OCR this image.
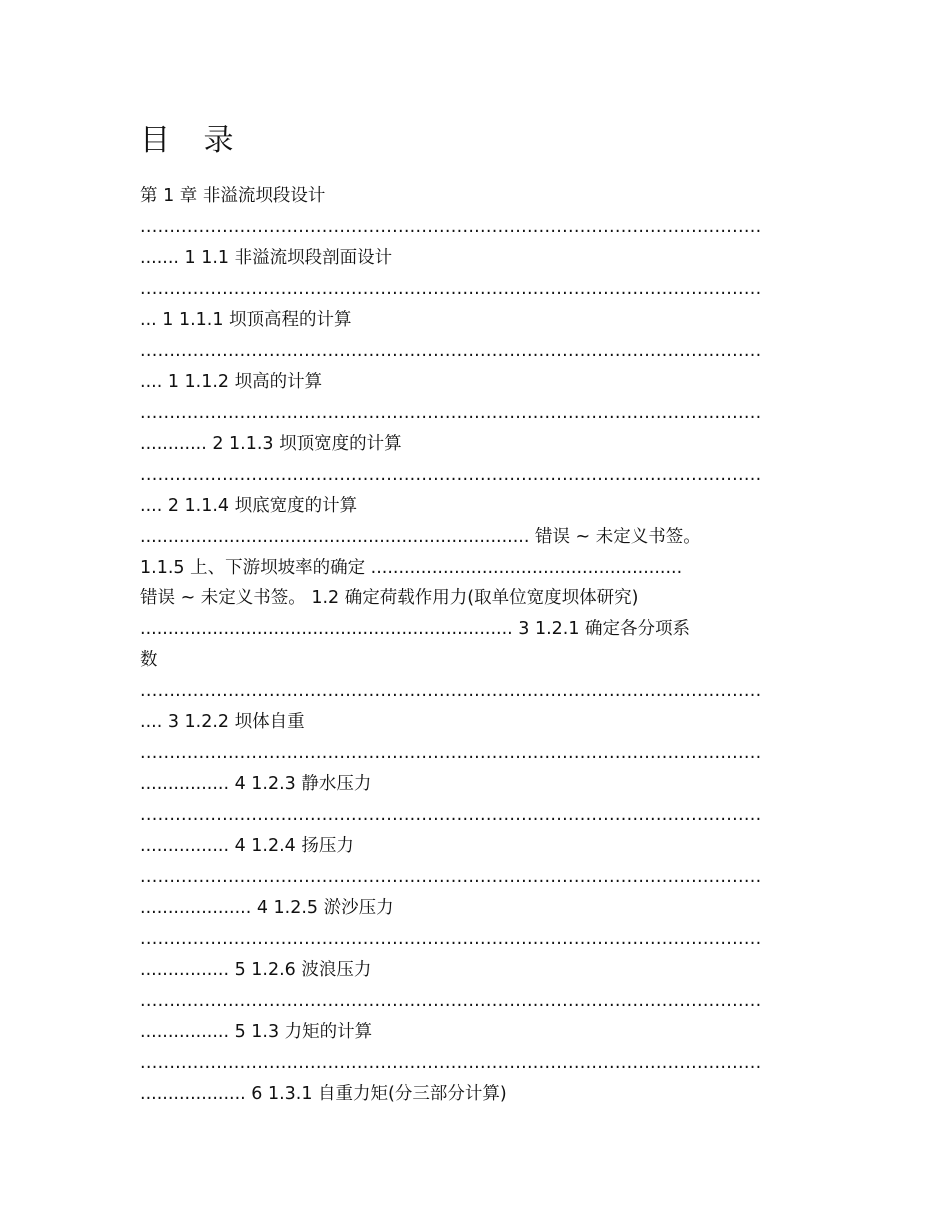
目 录
第 1 章 非溢流坝段设计
..........................................................................................................
....... 1 1.1 非溢流坝段剖面设计
..........................................................................................................
... 1 1.1.1 坝顶高程的计算
..........................................................................................................
.... 1 1.1.2 坝高的计算
..........................................................................................................
............ 2 1.1.3 坝顶宽度的计算
..........................................................................................................
.... 2 1.1.4 坝底宽度的计算
...................................................................... 错误 ~ 未定义书签。
1.1.5 上、下游坝坡率的确定 ........................................................
错误 ~ 未定义书签。 1.2 确定荷载作用力(取单位宽度坝体研究)
................................................................... 3 1.2.1 确定各分项系
数
..........................................................................................................
.... 3 1.2.2 坝体自重
..........................................................................................................
................ 4 1.2.3 静水压力
..........................................................................................................
................ 4 1.2.4 扬压力
..........................................................................................................
.................... 4 1.2.5 淤沙压力
..........................................................................................................
................ 5 1.2.6 波浪压力
..........................................................................................................
................ 5 1.3 力矩的计算
..........................................................................................................
................... 6 1.3.1 自重力矩(分三部分计算)
